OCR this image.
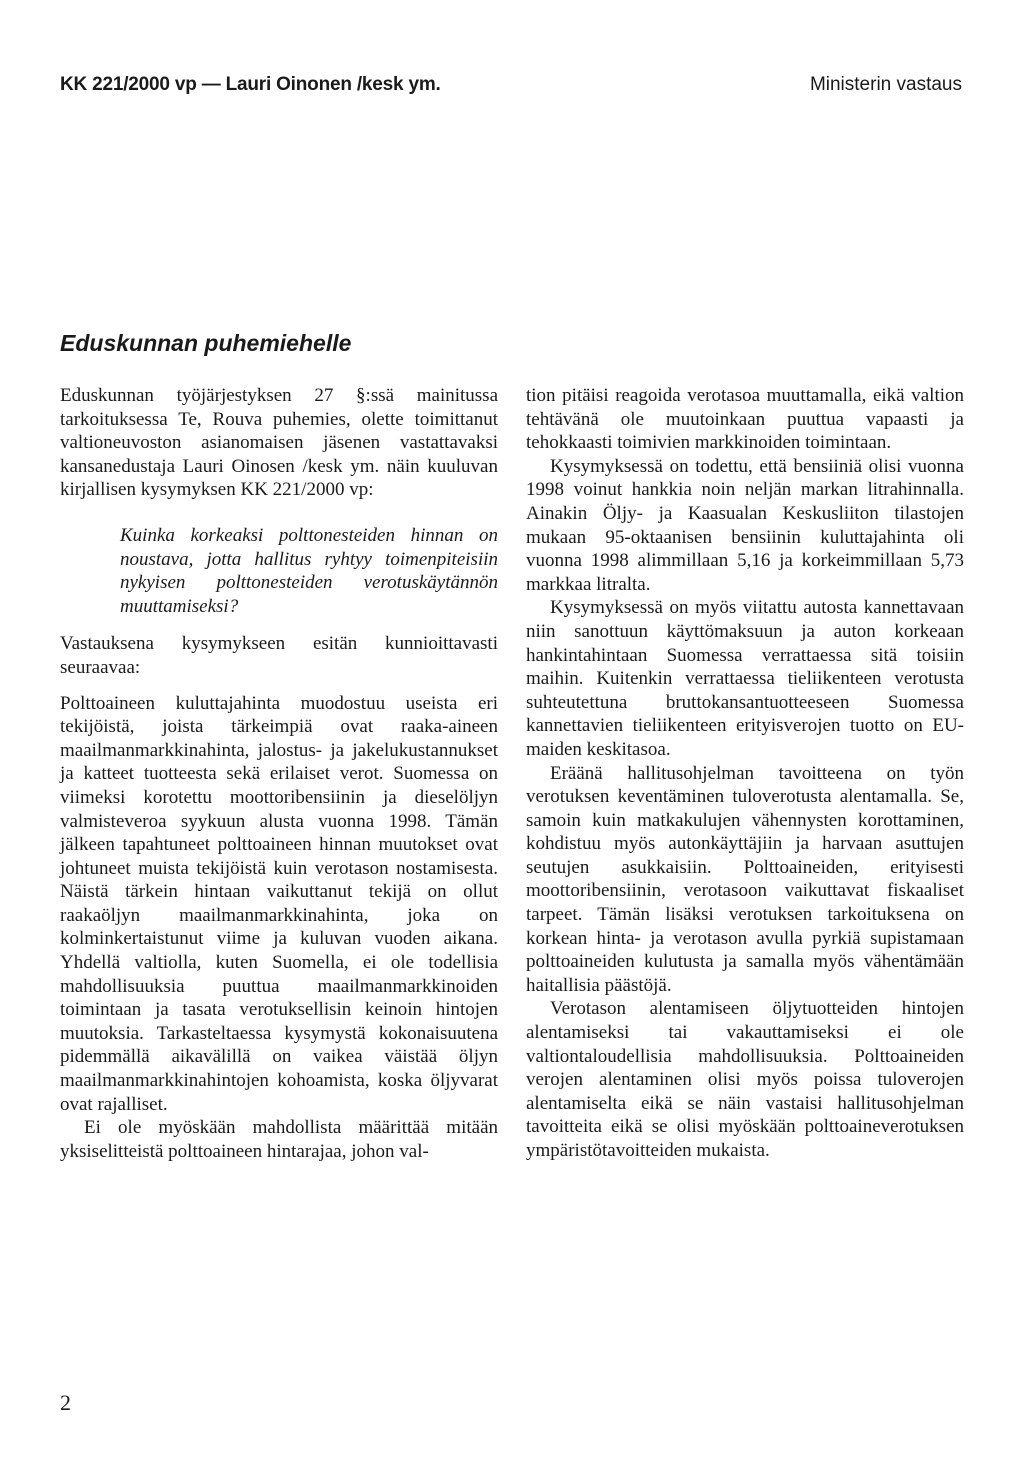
KK 221/2000 vp — Lauri Oinonen /kesk ym.	Ministerin vastaus
Eduskunnan puhemiehelle

Eduskunnan työjärjestyksen 27 §:ssä mainitussa tarkoituksessa Te, Rouva puhemies, olette toimittanut valtioneuvoston asianomaisen jäsenen vastattavaksi kansanedustaja Lauri Oinosen /kesk ym. näin kuuluvan kirjallisen kysymyksen KK 221/2000 vp:

Kuinka korkeaksi polttonesteiden hinnan on noustava, jotta hallitus ryhtyy toimenpiteisiin nykyisen polttonesteiden verotuskäytännön muuttamiseksi?

Vastauksena kysymykseen esitän kunnioittavasti seuraavaa:

Polttoaineen kuluttajahinta muodostuu useista eri tekijöistä, joista tärkeimpiä ovat raaka-aineen maailmanmarkkinahinta, jalostus- ja jakelukustannukset ja katteet tuotteesta sekä erilaiset verot. Suomessa on viimeksi korotettu moottoribensiinin ja dieselöljyn valmisteveroa syykuun alusta vuonna 1998. Tämän jälkeen tapahtuneet polttoaineen hinnan muutokset ovat johtuneet muista tekijöistä kuin verotason nostamisesta. Näistä tärkein hintaan vaikuttanut tekijä on ollut raakaöljyn maailmanmarkkinahinta, joka on kolminkertaistunut viime ja kuluvan vuoden aikana. Yhdellä valtiolla, kuten Suomella, ei ole todellisia mahdollisuuksia puuttua maailmanmarkkinoiden toimintaan ja tasata verotuksellisin keinoin hintojen muutoksia. Tarkasteltaessa kysymystä kokonaisuutena pidemmällä aikavälillä on vaikea väistää öljyn maailmanmarkkinahintojen kohoamista, koska öljyvarat ovat rajalliset.

Ei ole myöskään mahdollista määrittää mitään yksiselitteistä polttoaineen hintarajaa, johon val-

tion pitäisi reagoida verotasoa muuttamalla, eikä valtion tehtävänä ole muutoinkaan puuttua vapaasti ja tehokkaasti toimivien markkinoiden toimintaan.

Kysymyksessä on todettu, että bensiiniä olisi vuonna 1998 voinut hankkia noin neljän markan litrahinnalla. Ainakin Öljy- ja Kaasualan Keskusliiton tilastojen mukaan 95-oktaanisen bensiinin kuluttajahinta oli vuonna 1998 alimmillaan 5,16 ja korkeimmillaan 5,73 markkaa litralta.

Kysymyksessä on myös viitattu autosta kannettavaan niin sanottuun käyttömaksuun ja auton korkeaan hankintahintaan Suomessa verrattaessa sitä toisiin maihin. Kuitenkin verrattaessa tieliikenteen verotusta suhteutettuna bruttokansantuotteeseen Suomessa kannettavien tieliikenteen erityisverojen tuotto on EU-maiden keskitasoa.

Eräänä hallitusohjelman tavoitteena on työn verotuksen keventäminen tuloverotusta alentamalla. Se, samoin kuin matkakulujen vähennysten korottaminen, kohdistuu myös autonkäyttäjiin ja harvaan asuttujen seutujen asukkaisiin. Polttoaineiden, erityisesti moottoribensiinin, verotasoon vaikuttavat fiskaaliset tarpeet. Tämän lisäksi verotuksen tarkoituksena on korkean hinta- ja verotason avulla pyrkiä supistamaan polttoaineiden kulutusta ja samalla myös vähentämään haitallisia päästöjä.

Verotason alentamiseen öljytuotteiden hintojen alentamiseksi tai vakauttamiseksi ei ole valtiontaloudellisia mahdollisuuksia. Polttoaineiden verojen alentaminen olisi myös poissa tuloverojen alentamiselta eikä se näin vastaisi hallitusohjelman tavoitteita eikä se olisi myöskään polttoaineverotuksen ympäristötavoitteiden mukaista.

2
